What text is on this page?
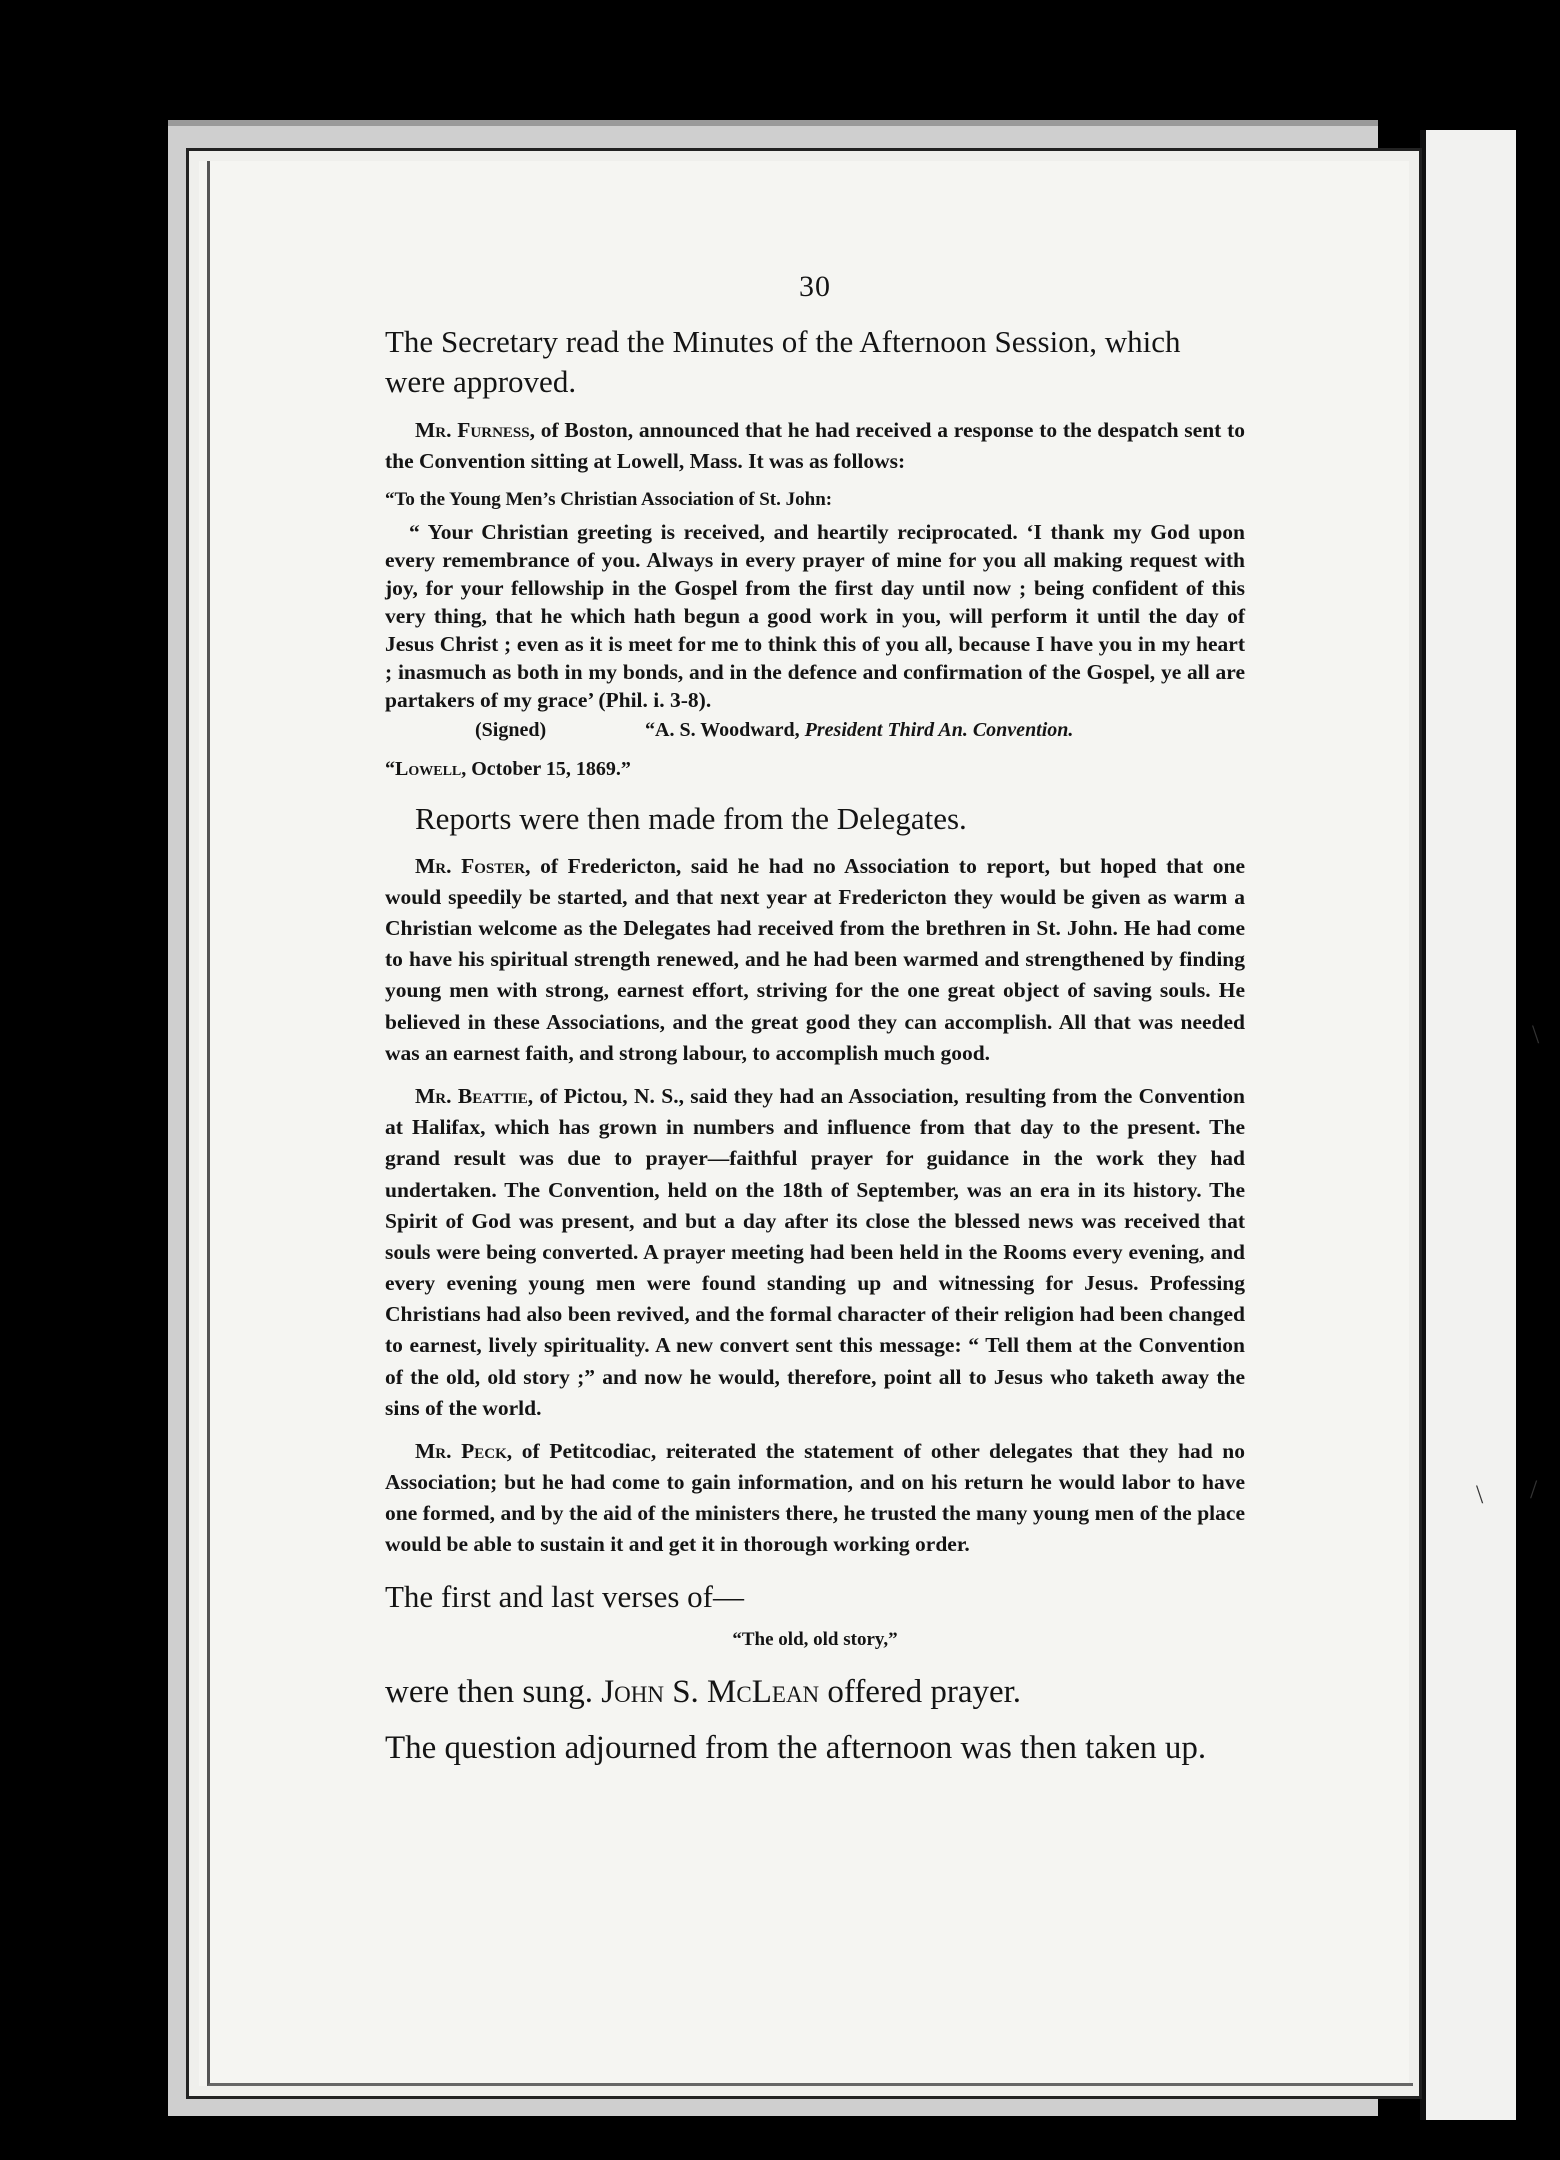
\
\ /
30
The Secretary read the Minutes of the Afternoon Session, which were approved.

Mr. Furness, of Boston, announced that he had received a response to the despatch sent to the Convention sitting at Lowell, Mass. It was as follows:

“To the Young Men’s Christian Association of St. John:

“ Your Christian greeting is received, and heartily reciprocated. ‘I thank my God upon every remembrance of you. Always in every prayer of mine for you all making request with joy, for your fellowship in the Gospel from the first day until now ; being confident of this very thing, that he which hath begun a good work in you, will perform it until the day of Jesus Christ ; even as it is meet for me to think this of you all, because I have you in my heart ; inasmuch as both in my bonds, and in the defence and confirmation of the Gospel, ye all are partakers of my grace’ (Phil. i. 3-8).

(Signed)	“A. S. Woodward, President Third An. Convention.
“Lowell, October 15, 1869.”
Reports were then made from the Delegates.

Mr. Foster, of Fredericton, said he had no Association to report, but hoped that one would speedily be started, and that next year at Fredericton they would be given as warm a Christian welcome as the Delegates had received from the brethren in St. John. He had come to have his spiritual strength renewed, and he had been warmed and strengthened by finding young men with strong, earnest effort, striving for the one great object of saving souls. He believed in these Associations, and the great good they can accomplish. All that was needed was an earnest faith, and strong labour, to accomplish much good.

Mr. Beattie, of Pictou, N. S., said they had an Association, resulting from the Convention at Halifax, which has grown in numbers and influence from that day to the present. The grand result was due to prayer—faithful prayer for guidance in the work they had undertaken. The Convention, held on the 18th of September, was an era in its history. The Spirit of God was present, and but a day after its close the blessed news was received that souls were being converted. A prayer meeting had been held in the Rooms every evening, and every evening young men were found standing up and witnessing for Jesus. Professing Christians had also been revived, and the formal character of their religion had been changed to earnest, lively spirituality. A new convert sent this message: “ Tell them at the Convention of the old, old story ;” and now he would, therefore, point all to Jesus who taketh away the sins of the world.

Mr. Peck, of Petitcodiac, reiterated the statement of other delegates that they had no Association; but he had come to gain information, and on his return he would labor to have one formed, and by the aid of the ministers there, he trusted the many young men of the place would be able to sustain it and get it in thorough working order.

The first and last verses of—
“The old, old story,”
were then sung. John S. McLean offered prayer.
The question adjourned from the afternoon was then taken up.
